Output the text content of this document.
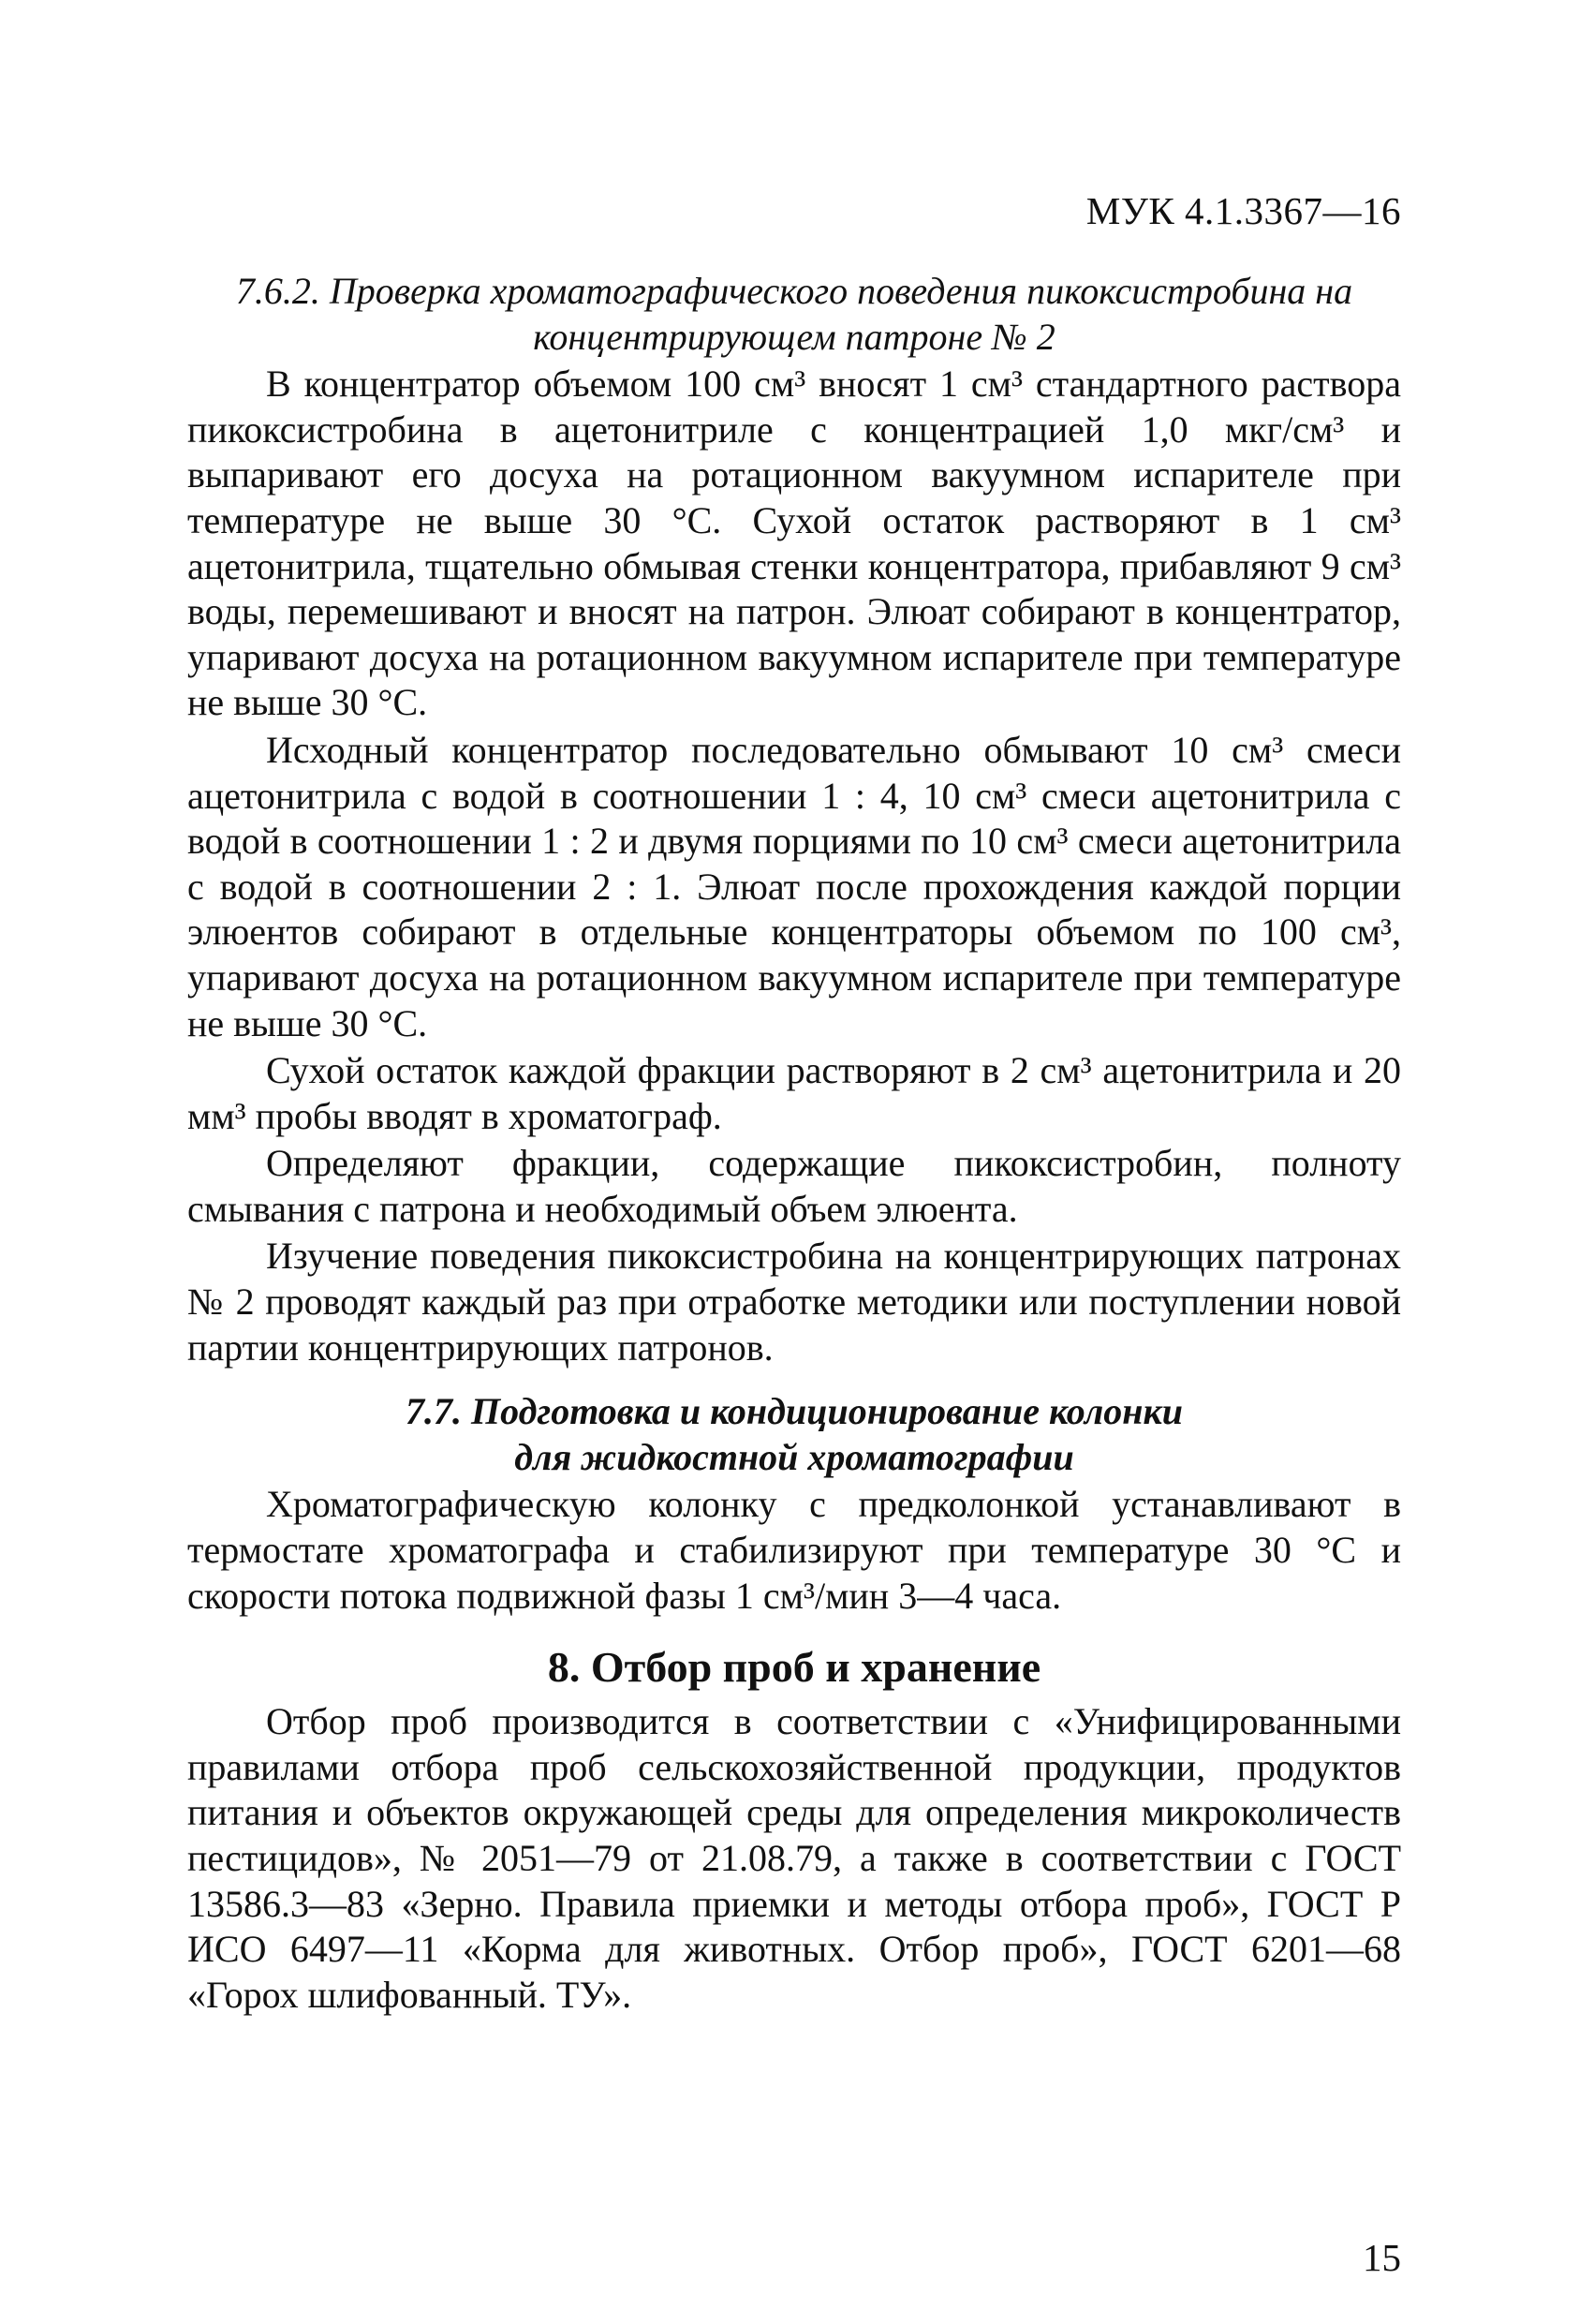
МУК 4.1.3367—16

7.6.2. Проверка хроматографического поведения пикоксистробина на концентрирующем патроне № 2

В концентратор объемом 100 см³ вносят 1 см³ стандартного раствора пикоксистробина в ацетонитриле с концентрацией 1,0 мкг/см³ и выпаривают его досуха на ротационном вакуумном испарителе при температуре не выше 30 °С. Сухой остаток растворяют в 1 см³ ацетонитрила, тщательно обмывая стенки концентратора, прибавляют 9 см³ воды, перемешивают и вносят на патрон. Элюат собирают в концентратор, упаривают досуха на ротационном вакуумном испарителе при температуре не выше 30 °С.

Исходный концентратор последовательно обмывают 10 см³ смеси ацетонитрила с водой в соотношении 1 : 4, 10 см³ смеси ацетонитрила с водой в соотношении 1 : 2 и двумя порциями по 10 см³ смеси ацетонитрила с водой в соотношении 2 : 1. Элюат после прохождения каждой порции элюентов собирают в отдельные концентраторы объемом по 100 см³, упаривают досуха на ротационном вакуумном испарителе при температуре не выше 30 °С.

Сухой остаток каждой фракции растворяют в 2 см³ ацетонитрила и 20 мм³ пробы вводят в хроматограф.

Определяют фракции, содержащие пикоксистробин, полноту смывания с патрона и необходимый объем элюента.

Изучение поведения пикоксистробина на концентрирующих патронах № 2 проводят каждый раз при отработке методики или поступлении новой партии концентрирующих патронов.

7.7. Подготовка и кондиционирование колонки

для жидкостной хроматографии

Хроматографическую колонку с предколонкой устанавливают в термостате хроматографа и стабилизируют при температуре 30 °С и скорости потока подвижной фазы 1 см³/мин 3—4 часа.

8. Отбор проб и хранение

Отбор проб производится в соответствии с «Унифицированными правилами отбора проб сельскохозяйственной продукции, продуктов питания и объектов окружающей среды для определения микроколичеств пестицидов», № 2051—79 от 21.08.79, а также в соответствии с ГОСТ 13586.3—83 «Зерно. Правила приемки и методы отбора проб», ГОСТ Р ИСО 6497—11 «Корма для животных. Отбор проб», ГОСТ 6201—68 «Горох шлифованный. ТУ».

15
